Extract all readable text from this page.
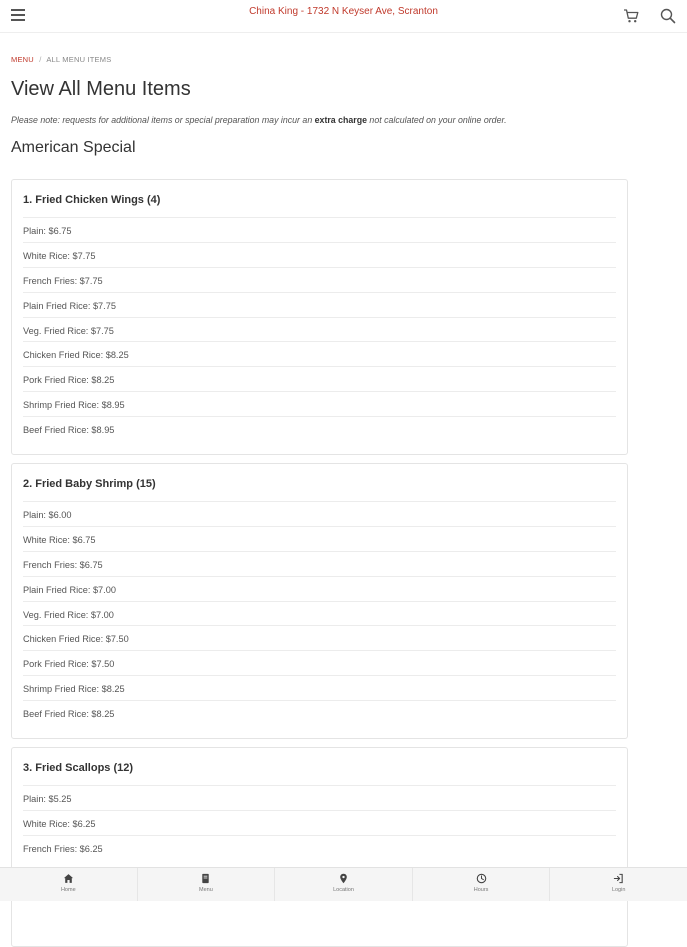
China King - 1732 N Keyser Ave, Scranton
MENU / ALL MENU ITEMS
View All Menu Items
Please note: requests for additional items or special preparation may incur an extra charge not calculated on your online order.
American Special
1. Fried Chicken Wings (4)
Plain: $6.75
White Rice: $7.75
French Fries: $7.75
Plain Fried Rice: $7.75
Veg. Fried Rice: $7.75
Chicken Fried Rice: $8.25
Pork Fried Rice: $8.25
Shrimp Fried Rice: $8.95
Beef Fried Rice: $8.95
2. Fried Baby Shrimp (15)
Plain: $6.00
White Rice: $6.75
French Fries: $6.75
Plain Fried Rice: $7.00
Veg. Fried Rice: $7.00
Chicken Fried Rice: $7.50
Pork Fried Rice: $7.50
Shrimp Fried Rice: $8.25
Beef Fried Rice: $8.25
3. Fried Scallops (12)
Plain: $5.25
White Rice: $6.25
French Fries: $6.25
Home	Menu	Location	Hours	Login
